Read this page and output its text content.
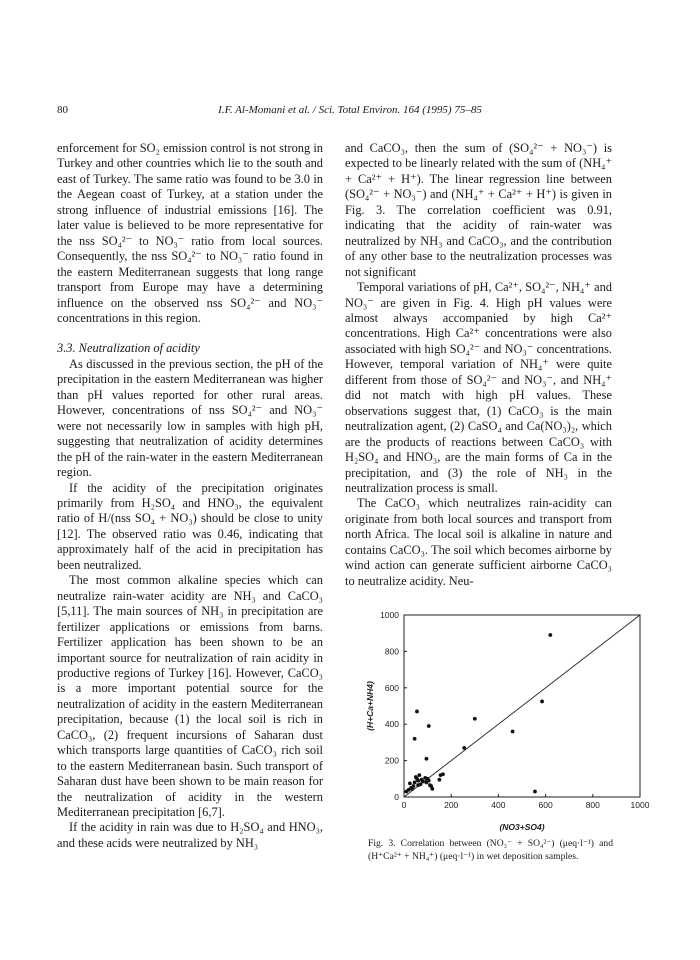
80	I.F. Al-Momani et al. / Sci. Total Environ. 164 (1995) 75–85

enforcement for SO₂ emission control is not strong in Turkey and other countries which lie to the south and east of Turkey. The same ratio was found to be 3.0 in the Aegean coast of Turkey, at a station under the strong influence of industrial emissions [16]. The later value is believed to be more representative for the nss SO₄²⁻ to NO₃⁻ ratio from local sources. Consequently, the nss SO₄²⁻ to NO₃⁻ ratio found in the eastern Mediterranean suggests that long range transport from Europe may have a determining influence on the observed nss SO₄²⁻ and NO₃⁻ concentrations in this region.

3.3. Neutralization of acidity

As discussed in the previous section, the pH of the precipitation in the eastern Mediterranean was higher than pH values reported for other rural areas. However, concentrations of nss SO₄²⁻ and NO₃⁻ were not necessarily low in samples with high pH, suggesting that neutralization of acidity determines the pH of the rain-water in the eastern Mediterranean region.

If the acidity of the precipitation originates primarily from H₂SO₄ and HNO₃, the equivalent ratio of H/(nss SO₄ + NO₃) should be close to unity [12]. The observed ratio was 0.46, indicating that approximately half of the acid in precipitation has been neutralized.

The most common alkaline species which can neutralize rain-water acidity are NH₃ and CaCO₃ [5,11]. The main sources of NH₃ in precipitation are fertilizer applications or emissions from barns. Fertilizer application has been shown to be an important source for neutralization of rain acidity in productive regions of Turkey [16]. However, CaCO₃ is a more important potential source for the neutralization of acidity in the eastern Mediterranean precipitation, because (1) the local soil is rich in CaCO₃, (2) frequent incursions of Saharan dust which transports large quantities of CaCO₃ rich soil to the eastern Mediterranean basin. Such transport of Saharan dust have been shown to be main reason for the neutralization of acidity in the western Mediterranean precipitation [6,7].

If the acidity in rain was due to H₂SO₄ and HNO₃, and these acids were neutralized by NH₃

and CaCO₃, then the sum of (SO₄²⁻ + NO₃⁻) is expected to be linearly related with the sum of (NH₄⁺ + Ca²⁺ + H⁺). The linear regression line between (SO₄²⁻ + NO₃⁻) and (NH₄⁺ + Ca²⁺ + H⁺) is given in Fig. 3. The correlation coefficient was 0.91, indicating that the acidity of rain-water was neutralized by NH₃ and CaCO₃, and the contribution of any other base to the neutralization processes was not significant

Temporal variations of pH, Ca²⁺, SO₄²⁻, NH₄⁺ and NO₃⁻ are given in Fig. 4. High pH values were almost always accompanied by high Ca²⁺ concentrations. High Ca²⁺ concentrations were also associated with high SO₄²⁻ and NO₃⁻ concentrations. However, temporal variation of NH₄⁺ were quite different from those of SO₄²⁻ and NO₃⁻, and NH₄⁺ did not match with high pH values. These observations suggest that, (1) CaCO₃ is the main neutralization agent, (2) CaSO₄ and Ca(NO₃)₂, which are the products of reactions between CaCO₃ with H₂SO₄ and HNO₃, are the main forms of Ca in the precipitation, and (3) the role of NH₃ in the neutralization process is small.

The CaCO₃ which neutralizes rain-acidity can originate from both local sources and transport from north Africa. The local soil is alkaline in nature and contains CaCO₃. The soil which becomes airborne by wind action can generate sufficient airborne CaCO₃ to neutralize acidity. Neu-

0	200	400	600	800	1000
0
200
400
600
800
1000
(NO3+SO4)
(H+Ca+NH4)
Fig. 3. Correlation between (NO₃⁻ + SO₄²⁻) (μeq·l⁻¹) and (H⁺Ca²⁺ + NH₄⁺) (μeq·l⁻¹) in wet deposition samples.
